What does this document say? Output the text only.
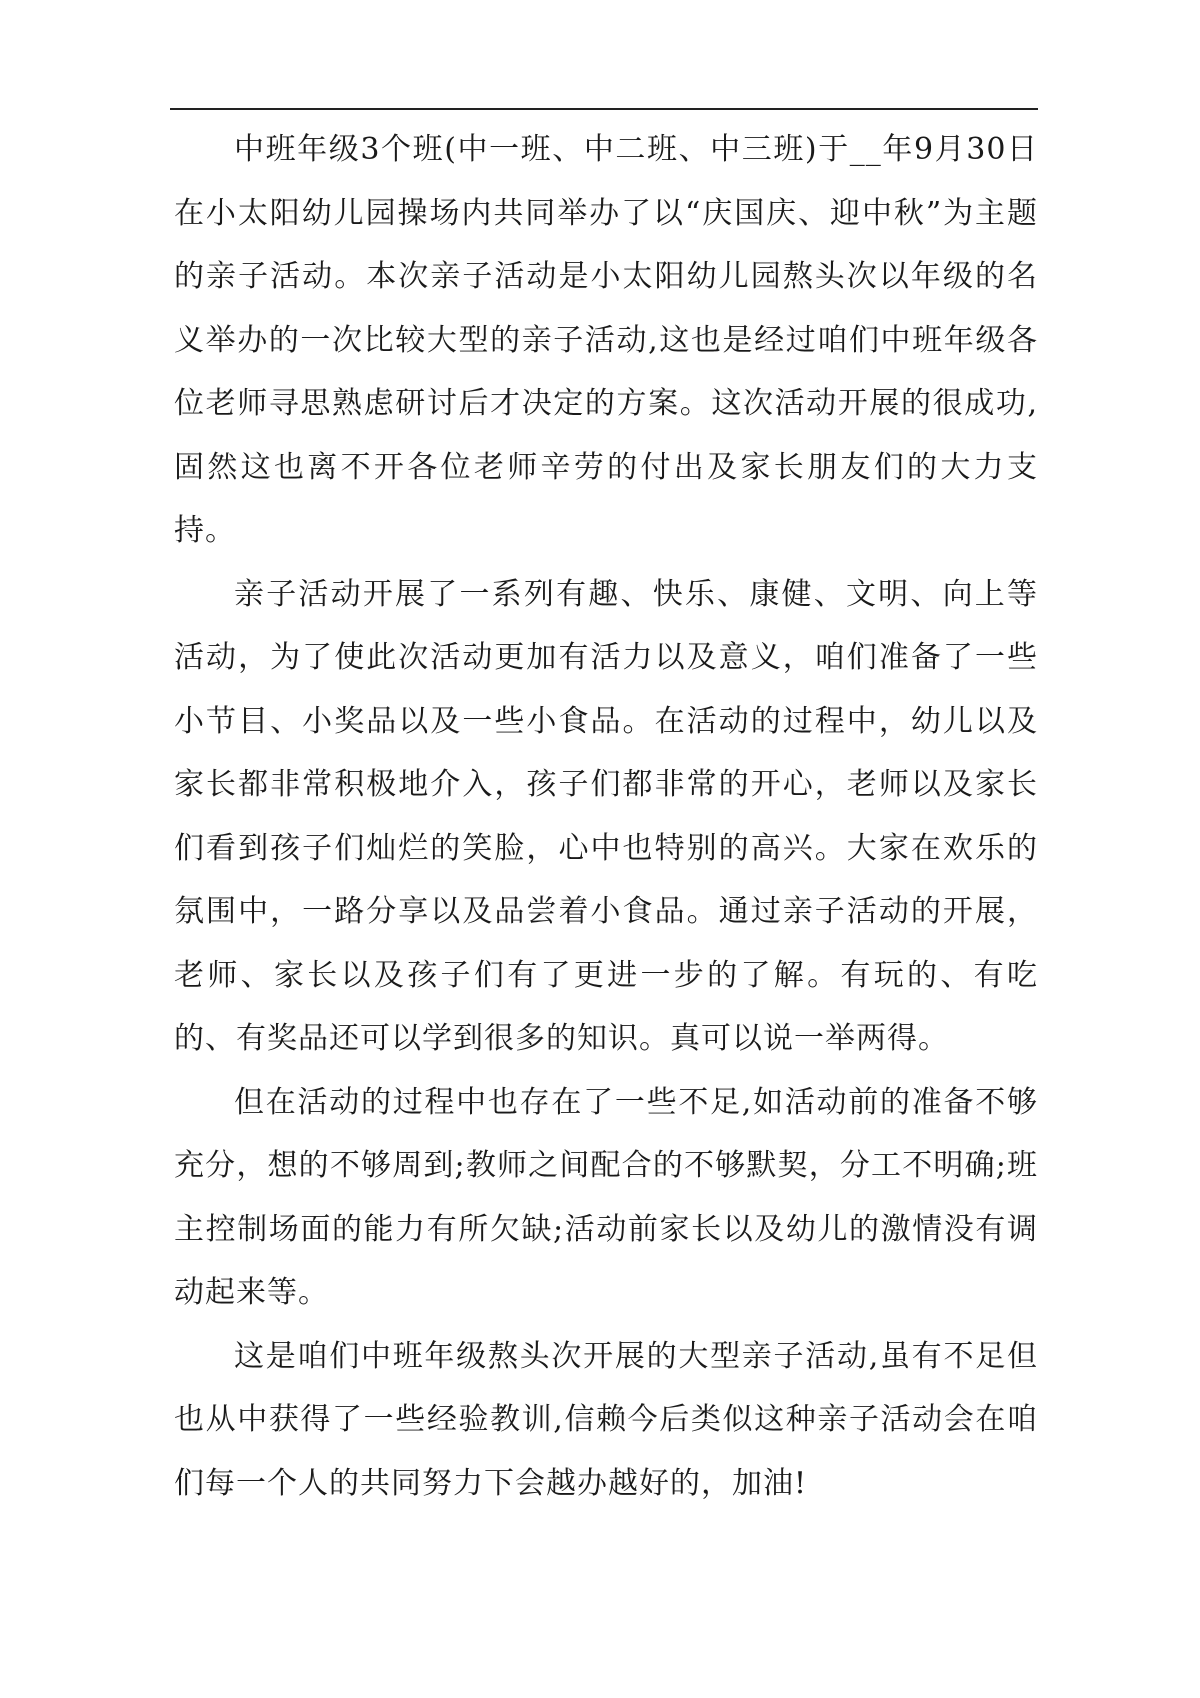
中班年级3个班(中一班、中二班、中三班)于__年9月30日在小太阳幼儿园操场内共同举办了以“庆国庆、迎中秋”为主题的亲子活动。本次亲子活动是小太阳幼儿园熬头次以年级的名义举办的一次比较大型的亲子活动,这也是经过咱们中班年级各位老师寻思熟虑研讨后才决定的方案。这次活动开展的很成功,固然这也离不开各位老师辛劳的付出及家长朋友们的大力支持。

亲子活动开展了一系列有趣、快乐、康健、文明、向上等活动，为了使此次活动更加有活力以及意义，咱们准备了一些小节目、小奖品以及一些小食品。在活动的过程中，幼儿以及家长都非常积极地介入，孩子们都非常的开心，老师以及家长们看到孩子们灿烂的笑脸，心中也特别的高兴。大家在欢乐的氛围中，一路分享以及品尝着小食品。通过亲子活动的开展，老师、家长以及孩子们有了更进一步的了解。有玩的、有吃的、有奖品还可以学到很多的知识。真可以说一举两得。

但在活动的过程中也存在了一些不足,如活动前的准备不够充分，想的不够周到;教师之间配合的不够默契，分工不明确;班主控制场面的能力有所欠缺;活动前家长以及幼儿的激情没有调动起来等。

这是咱们中班年级熬头次开展的大型亲子活动,虽有不足但也从中获得了一些经验教训,信赖今后类似这种亲子活动会在咱们每一个人的共同努力下会越办越好的，加油!
